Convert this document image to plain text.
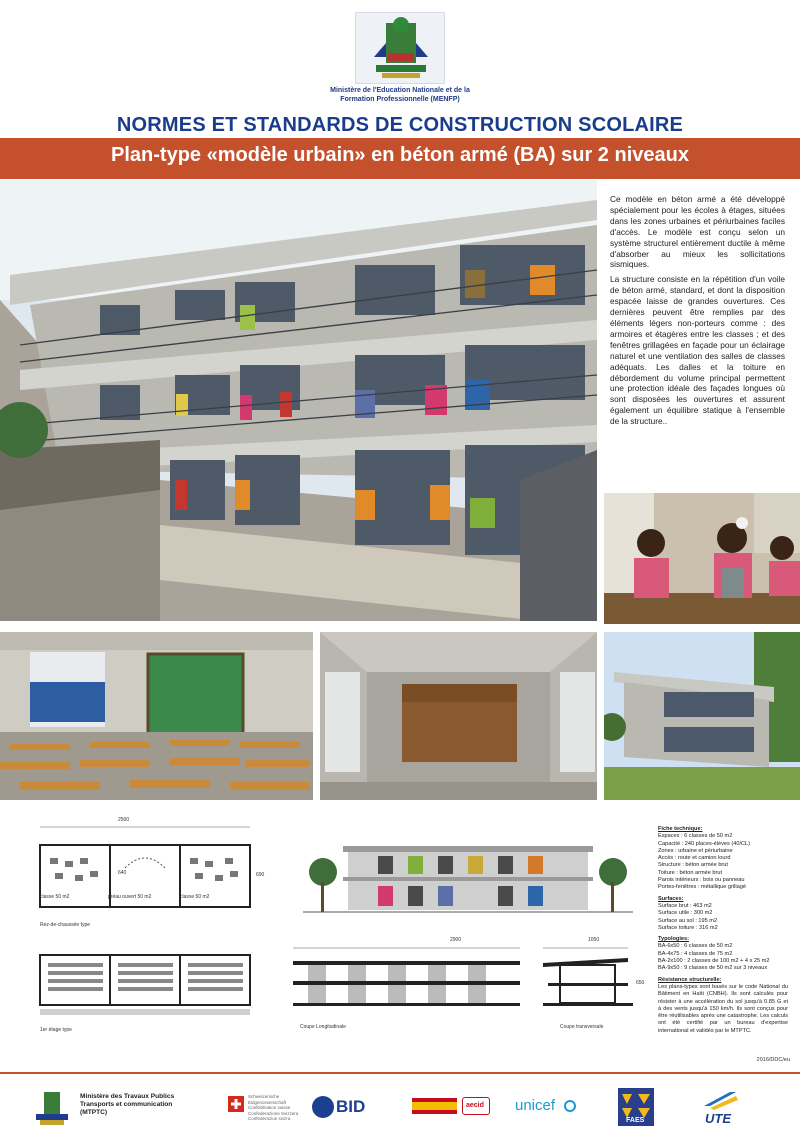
Ministère de l'Education Nationale et de la
Formation Professionnelle (MENFP)
NORMES ET STANDARDS DE CONSTRUCTION SCOLAIRE
Plan-type «modèle urbain» en béton armé (BA) sur 2 niveaux

Ce modèle en béton armé a été développé spécialement pour les écoles à étages, situées dans les zones urbaines et périurbaines faciles d'accès. Le modèle est conçu selon un système structurel entièrement ductile à même d'absorber au mieux les sollicitations sismiques.

La structure consiste en la répétition d'un voile de béton armé, standard, et dont la disposition espacée laisse de grandes ouvertures. Ces dernières peuvent être remplies par des éléments légers non-porteurs comme : des armoires et étagères entre les classes ; et des fenêtres grillagées en façade pour un éclairage naturel et une ventilation des salles de classes adéquats. Les dalles et la toiture en débordement du volume principal permettent une protection idéale des façades longues où sont disposées les ouvertures et assurent également un équilibre statique à l'ensemble de la structure..

2500
classe 50 m2	préau ouvert 50 m2	classe 50 m2
640	690
Rez-de-chaussée type
1er étage type
2900	1050
Coupe Longitudinale	Coupe transversale
650
Fiche technique:
Espaces : 6 classes de 50 m2
Capacité : 240 places-élèves (40/CL)
Zones : urbaine et périurbaine
Accès : route et camion lourd
Structure : béton armée brut
Toiture : béton armée brut
Parois intérieurs : bois ou panneau
Portes-fenêtres : métallique grillagé
Surfaces:
Surface brut : 463 m2
Surface utile : 300 m2
Surface au sol : 195 m2
Surface toiture : 316 m2
Typologies:
BA-6x50 : 6 classes de 50 m2
BA-4x75 : 4 classes de 75 m2
BA-2x100 : 2 classes de 100 m2 + 4 x 25 m2
BA-9x50 : 9 classes de 50 m2 sur 3 niveaux
Résistance structurelle:
Les plans-types sont basés sur le code National du Bâtiment en Haïti (CNBH). Ils sont calculés pour résister à une accélération du sol jusqu'à 0.85 G et à des vents jusqu'à 150 km/h. Ils sont conçus pour être réutilisables après une catastrophe. Les calculs ont été certifié par un bureau d'expertise international et validés par le MTPTC.
2016/DDC/eu
Ministère des Travaux Publics
Transports et communication
(MTPTC)
Schweizerische Eidgenossenschaft
Confédération suisse
Confederazione Svizzera
Confederaziun svizra
BID	aecid unicef
FAES	UTE
